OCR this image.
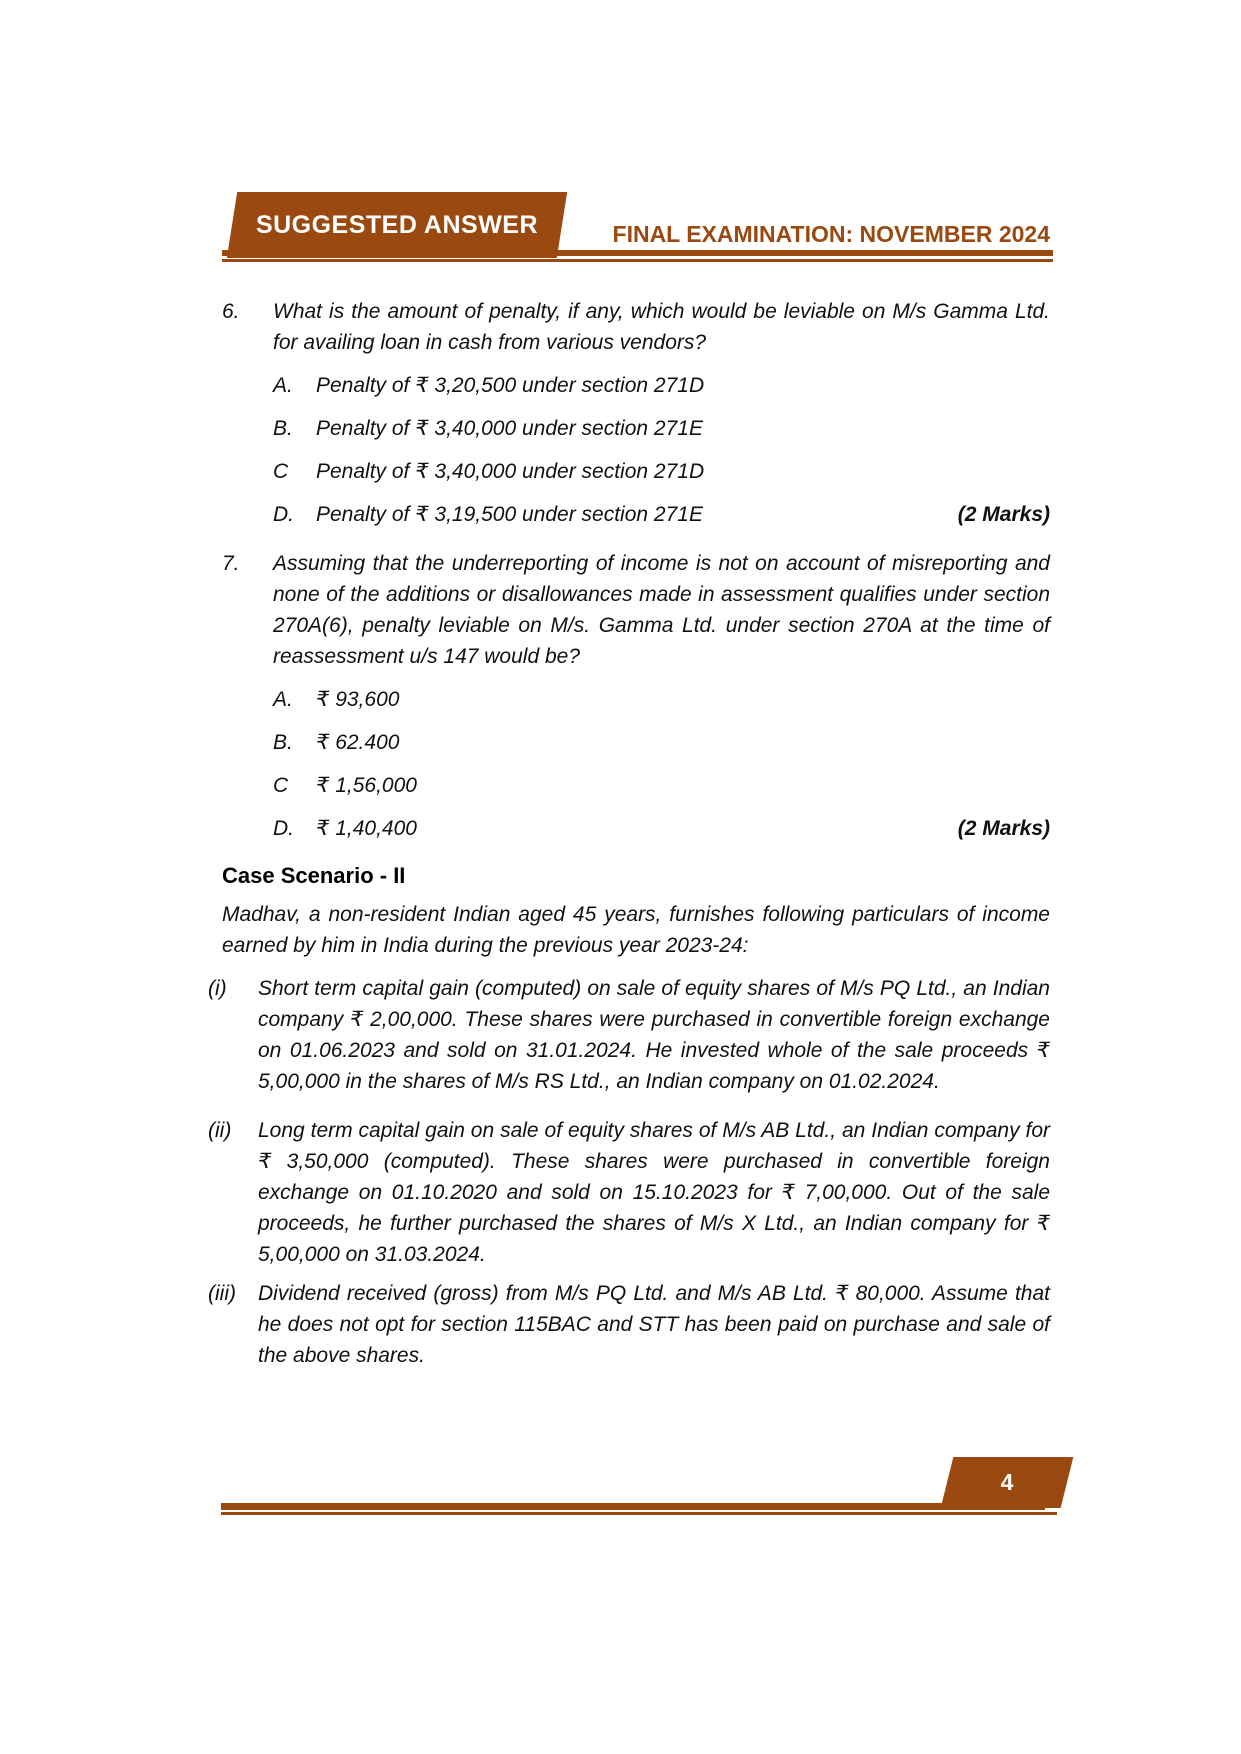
SUGGESTED ANSWER	FINAL EXAMINATION: NOVEMBER 2024
6.	What is the amount of penalty, if any, which would be leviable on M/s Gamma Ltd. for availing loan in cash from various vendors?
A.	Penalty of ₹ 3,20,500 under section 271D
B.	Penalty of ₹ 3,40,000 under section 271E
C	Penalty of ₹ 3,40,000 under section 271D
D.	Penalty of ₹ 3,19,500 under section 271E	(2 Marks)
7.	Assuming that the underreporting of income is not on account of misreporting and none of the additions or disallowances made in assessment qualifies under section 270A(6), penalty leviable on M/s. Gamma Ltd. under section 270A at the time of reassessment u/s 147 would be?
A.	₹ 93,600
B.	₹ 62.400
C	₹ 1,56,000
D.	₹ 1,40,400	(2 Marks)
Case Scenario - II
Madhav, a non-resident Indian aged 45 years, furnishes following particulars of income earned by him in India during the previous year 2023-24:
(i)	Short term capital gain (computed) on sale of equity shares of M/s PQ Ltd., an Indian company ₹ 2,00,000. These shares were purchased in convertible foreign exchange on 01.06.2023 and sold on 31.01.2024. He invested whole of the sale proceeds ₹ 5,00,000 in the shares of M/s RS Ltd., an Indian company on 01.02.2024.
(ii)	Long term capital gain on sale of equity shares of M/s AB Ltd., an Indian company for ₹ 3,50,000 (computed). These shares were purchased in convertible foreign exchange on 01.10.2020 and sold on 15.10.2023 for ₹ 7,00,000. Out of the sale proceeds, he further purchased the shares of M/s X Ltd., an Indian company for ₹ 5,00,000 on 31.03.2024.
(iii)	Dividend received (gross) from M/s PQ Ltd. and M/s AB Ltd. ₹ 80,000. Assume that he does not opt for section 115BAC and STT has been paid on purchase and sale of the above shares.
4
